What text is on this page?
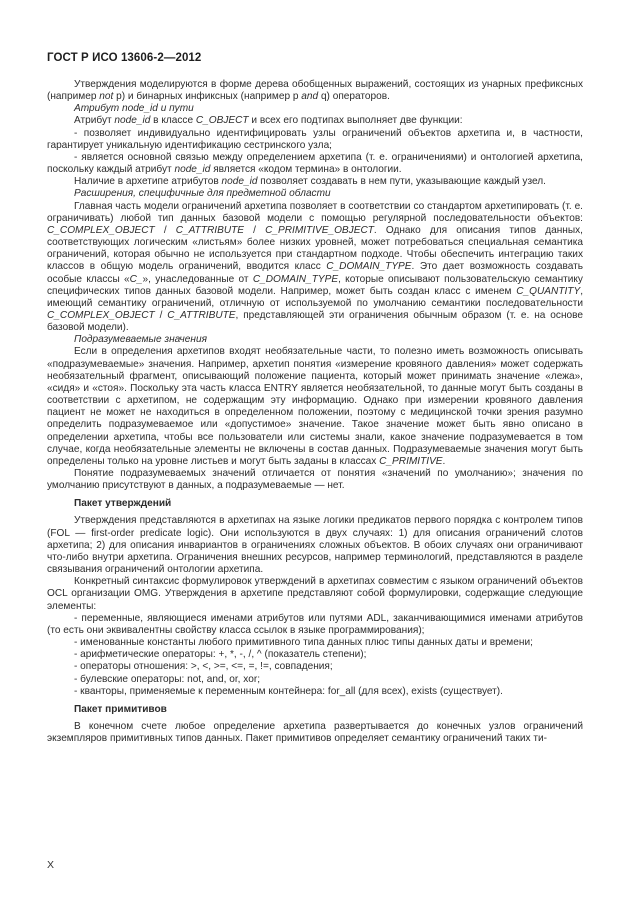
ГОСТ Р ИСО 13606-2—2012

Утверждения моделируются в форме дерева обобщенных выражений, состоящих из унарных префиксных (например not p) и бинарных инфиксных (например p and q) операторов.

Атрибут node_id и пути

Атрибут node_id в классе C_OBJECT и всех его подтипах выполняет две функции:

- позволяет индивидуально идентифицировать узлы ограничений объектов архетипа и, в частности, гарантирует уникальную идентификацию сестринского узла;

- является основной связью между определением архетипа (т. е. ограничениями) и онтологией архетипа, поскольку каждый атрибут node_id является «кодом термина» в онтологии.

Наличие в архетипе атрибутов node_id позволяет создавать в нем пути, указывающие каждый узел.

Расширения, специфичные для предметной области

Главная часть модели ограничений архетипа позволяет в соответствии со стандартом архетипировать (т. е. ограничивать) любой тип данных базовой модели с помощью регулярной последовательности объектов: C_COMPLEX_OBJECT / C_ATTRIBUTE / C_PRIMITIVE_OBJECT. Однако для описания типов данных, соответствующих логическим «листьям» более низких уровней, может потребоваться специальная семантика ограничений, которая обычно не используется при стандартном подходе. Чтобы обеспечить интеграцию таких классов в общую модель ограничений, вводится класс C_DOMAIN_TYPE. Это дает возможность создавать особые классы «C_», унаследованные от C_DOMAIN_TYPE, которые описывают пользовательскую семантику специфических типов данных базовой модели. Например, может быть создан класс с именем C_QUANTITY, имеющий семантику ограничений, отличную от используемой по умолчанию семантики последовательности C_COMPLEX_OBJECT / C_ATTRIBUTE, представляющей эти ограничения обычным образом (т. е. на основе базовой модели).

Подразумеваемые значения

Если в определения архетипов входят необязательные части, то полезно иметь возможность описывать «подразумеваемые» значения. Например, архетип понятия «измерение кровяного давления» может содержать необязательный фрагмент, описывающий положение пациента, который может принимать значение «лежа», «сидя» и «стоя». Поскольку эта часть класса ENTRY является необязательной, то данные могут быть созданы в соответствии с архетипом, не содержащим эту информацию. Однако при измерении кровяного давления пациент не может не находиться в определенном положении, поэтому с медицинской точки зрения разумно определить подразумеваемое или «допустимое» значение. Такое значение может быть явно описано в определении архетипа, чтобы все пользователи или системы знали, какое значение подразумевается в том случае, когда необязательные элементы не включены в состав данных. Подразумеваемые значения могут быть определены только на уровне листьев и могут быть заданы в классах C_PRIMITIVE.

Понятие подразумеваемых значений отличается от понятия «значений по умолчанию»; значения по умолчанию присутствуют в данных, а подразумеваемые — нет.

Пакет утверждений

Утверждения представляются в архетипах на языке логики предикатов первого порядка с контролем типов (FOL — first-order predicate logic). Они используются в двух случаях: 1) для описания ограничений слотов архетипа; 2) для описания инвариантов в ограничениях сложных объектов. В обоих случаях они ограничивают что-либо внутри архетипа. Ограничения внешних ресурсов, например терминологий, представляются в разделе связывания ограничений онтологии архетипа.

Конкретный синтаксис формулировок утверждений в архетипах совместим с языком ограничений объектов OCL организации OMG. Утверждения в архетипе представляют собой формулировки, содержащие следующие элементы:

- переменные, являющиеся именами атрибутов или путями ADL, заканчивающимися именами атрибутов (то есть они эквивалентны свойству класса ссылок в языке программирования);

- именованные константы любого примитивного типа данных плюс типы данных даты и времени;

- арифметические операторы: +, *, -, /, ^ (показатель степени);

- операторы отношения: >, <, >=, <=, =, !=, совпадения;

- булевские операторы: not, and, or, xor;

- кванторы, применяемые к переменным контейнера: for_all (для всех), exists (существует).

Пакет примитивов

В конечном счете любое определение архетипа развертывается до конечных узлов ограничений экземпляров примитивных типов данных. Пакет примитивов определяет семантику ограничений таких ти-

X
